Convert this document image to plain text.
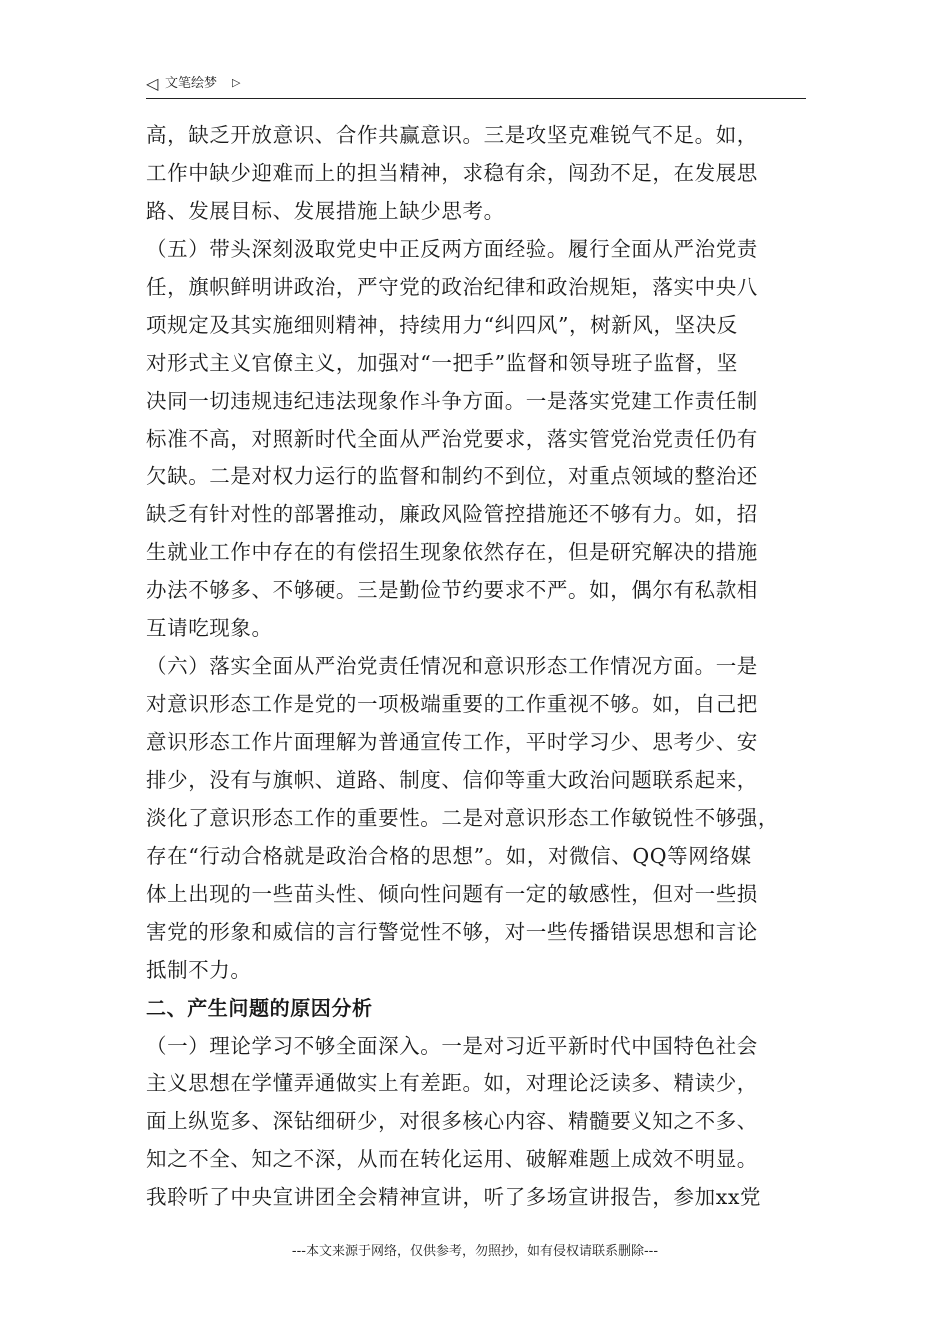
◁ 文笔绘梦 ▷
高，缺乏开放意识、合作共赢意识。三是攻坚克难锐气不足。如，
工作中缺少迎难而上的担当精神，求稳有余，闯劲不足，在发展思
路、发展目标、发展措施上缺少思考。
（五）带头深刻汲取党史中正反两方面经验。履行全面从严治党责
任，旗帜鲜明讲政治，严守党的政治纪律和政治规矩，落实中央八
项规定及其实施细则精神，持续用力“纠四风”，树新风，坚决反
对形式主义官僚主义，加强对“一把手”监督和领导班子监督，坚
决同一切违规违纪违法现象作斗争方面。一是落实党建工作责任制
标准不高，对照新时代全面从严治党要求，落实管党治党责任仍有
欠缺。二是对权力运行的监督和制约不到位，对重点领域的整治还
缺乏有针对性的部署推动，廉政风险管控措施还不够有力。如，招
生就业工作中存在的有偿招生现象依然存在，但是研究解决的措施
办法不够多、不够硬。三是勤俭节约要求不严。如，偶尔有私款相
互请吃现象。
（六）落实全面从严治党责任情况和意识形态工作情况方面。一是
对意识形态工作是党的一项极端重要的工作重视不够。如，自己把
意识形态工作片面理解为普通宣传工作，平时学习少、思考少、安
排少，没有与旗帜、道路、制度、信仰等重大政治问题联系起来，
淡化了意识形态工作的重要性。二是对意识形态工作敏锐性不够强，
存在“行动合格就是政治合格的思想”。如，对微信、QQ等网络媒
体上出现的一些苗头性、倾向性问题有一定的敏感性，但对一些损
害党的形象和威信的言行警觉性不够，对一些传播错误思想和言论
抵制不力。
二、产生问题的原因分析
（一）理论学习不够全面深入。一是对习近平新时代中国特色社会
主义思想在学懂弄通做实上有差距。如，对理论泛读多、精读少，
面上纵览多、深钻细研少，对很多核心内容、精髓要义知之不多、
知之不全、知之不深，从而在转化运用、破解难题上成效不明显。
我聆听了中央宣讲团全会精神宣讲，听了多场宣讲报告，参加xx党
---本文来源于网络，仅供参考，勿照抄，如有侵权请联系删除---
